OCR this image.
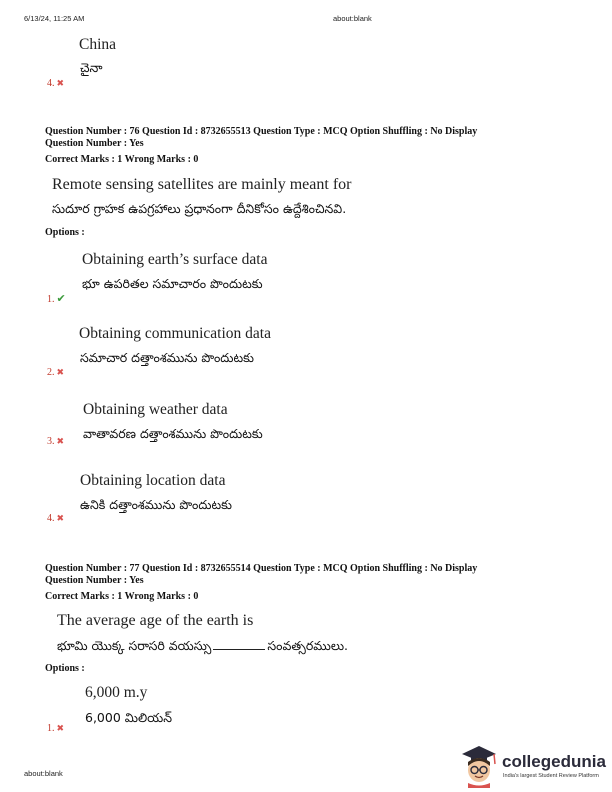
6/13/24, 11:25 AM	about:blank
China
చైనా
4. ✖
Question Number : 76 Question Id : 8732655513 Question Type : MCQ Option Shuffling : No Display
Question Number : Yes
Correct Marks : 1 Wrong Marks : 0
Remote sensing satellites are mainly meant for
సుదూర గ్రాహక ఉపగ్రహాలు ప్రధానంగా దీనికోసం ఉద్దేశించినవి.
Options :
Obtaining earth’s surface data
భూ ఉపరితల సమాచారం పొందుటకు
1. ✔
Obtaining communication data
సమాచార దత్తాంశమును పొందుటకు
2. ✖
Obtaining weather data
వాతావరణ దత్తాంశమును పొందుటకు
3. ✖
Obtaining location data
ఉనికి దత్తాంశమును పొందుటకు
4. ✖
Question Number : 77 Question Id : 8732655514 Question Type : MCQ Option Shuffling : No Display
Question Number : Yes
Correct Marks : 1 Wrong Marks : 0
The average age of the earth is
భూమి యొక్క సరాసరి వయస్సు	సంవత్సరములు.
Options :
6,000 m.y
6,000 మిలియన్
1. ✖
about:blank
collegedunia
India's largest Student Review Platform
